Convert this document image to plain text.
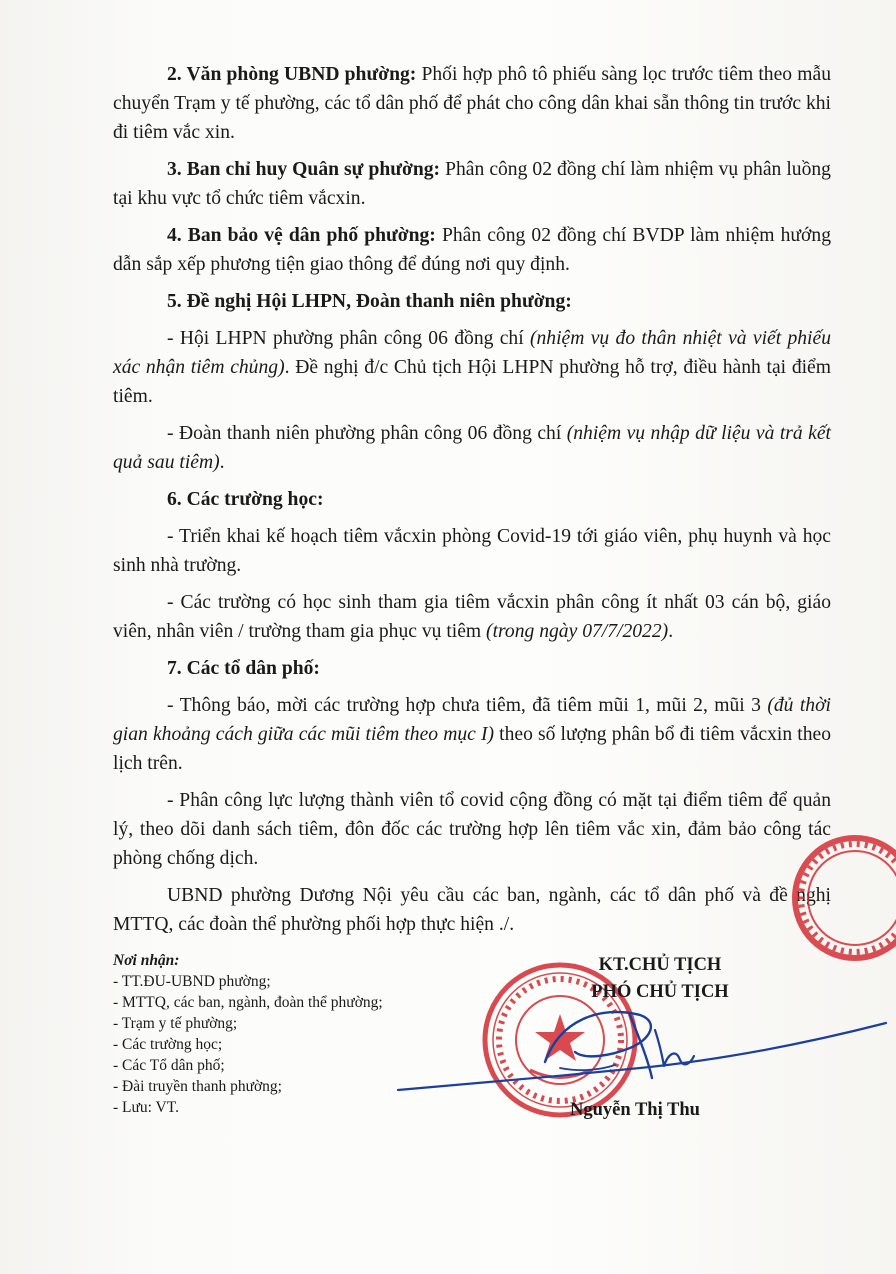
2. Văn phòng UBND phường: Phối hợp phô tô phiếu sàng lọc trước tiêm theo mẫu chuyển Trạm y tế phường, các tổ dân phố để phát cho công dân khai sẵn thông tin trước khi đi tiêm vắc xin.

3. Ban chỉ huy Quân sự phường: Phân công 02 đồng chí làm nhiệm vụ phân luồng tại khu vực tổ chức tiêm vắcxin.

4. Ban bảo vệ dân phố phường: Phân công 02 đồng chí BVDP làm nhiệm hướng dẫn sắp xếp phương tiện giao thông để đúng nơi quy định.

5. Đề nghị Hội LHPN, Đoàn thanh niên phường:

- Hội LHPN phường phân công 06 đồng chí (nhiệm vụ đo thân nhiệt và viết phiếu xác nhận tiêm chủng). Đề nghị đ/c Chủ tịch Hội LHPN phường hỗ trợ, điều hành tại điểm tiêm.

- Đoàn thanh niên phường phân công 06 đồng chí (nhiệm vụ nhập dữ liệu và trả kết quả sau tiêm).

6. Các trường học:

- Triển khai kế hoạch tiêm vắcxin phòng Covid-19 tới giáo viên, phụ huynh và học sinh nhà trường.

- Các trường có học sinh tham gia tiêm vắcxin phân công ít nhất 03 cán bộ, giáo viên, nhân viên / trường tham gia phục vụ tiêm (trong ngày 07/7/2022).

7. Các tổ dân phố:

- Thông báo, mời các trường hợp chưa tiêm, đã tiêm mũi 1, mũi 2, mũi 3 (đủ thời gian khoảng cách giữa các mũi tiêm theo mục I) theo số lượng phân bổ đi tiêm vắcxin theo lịch trên.

- Phân công lực lượng thành viên tổ covid cộng đồng có mặt tại điểm tiêm để quản lý, theo dõi danh sách tiêm, đôn đốc các trường hợp lên tiêm vắc xin, đảm bảo công tác phòng chống dịch.

UBND phường Dương Nội yêu cầu các ban, ngành, các tổ dân phố và đề nghị MTTQ, các đoàn thể phường phối hợp thực hiện ./.

Nơi nhận:
- TT.ĐU-UBND phường;
- MTTQ, các ban, ngành, đoàn thể phường;
- Trạm y tế phường;
- Các trường học;
- Các Tổ dân phố;
- Đài truyền thanh phường;
- Lưu: VT.
KT.CHỦ TỊCH
PHÓ CHỦ TỊCH
Nguyễn Thị Thu
